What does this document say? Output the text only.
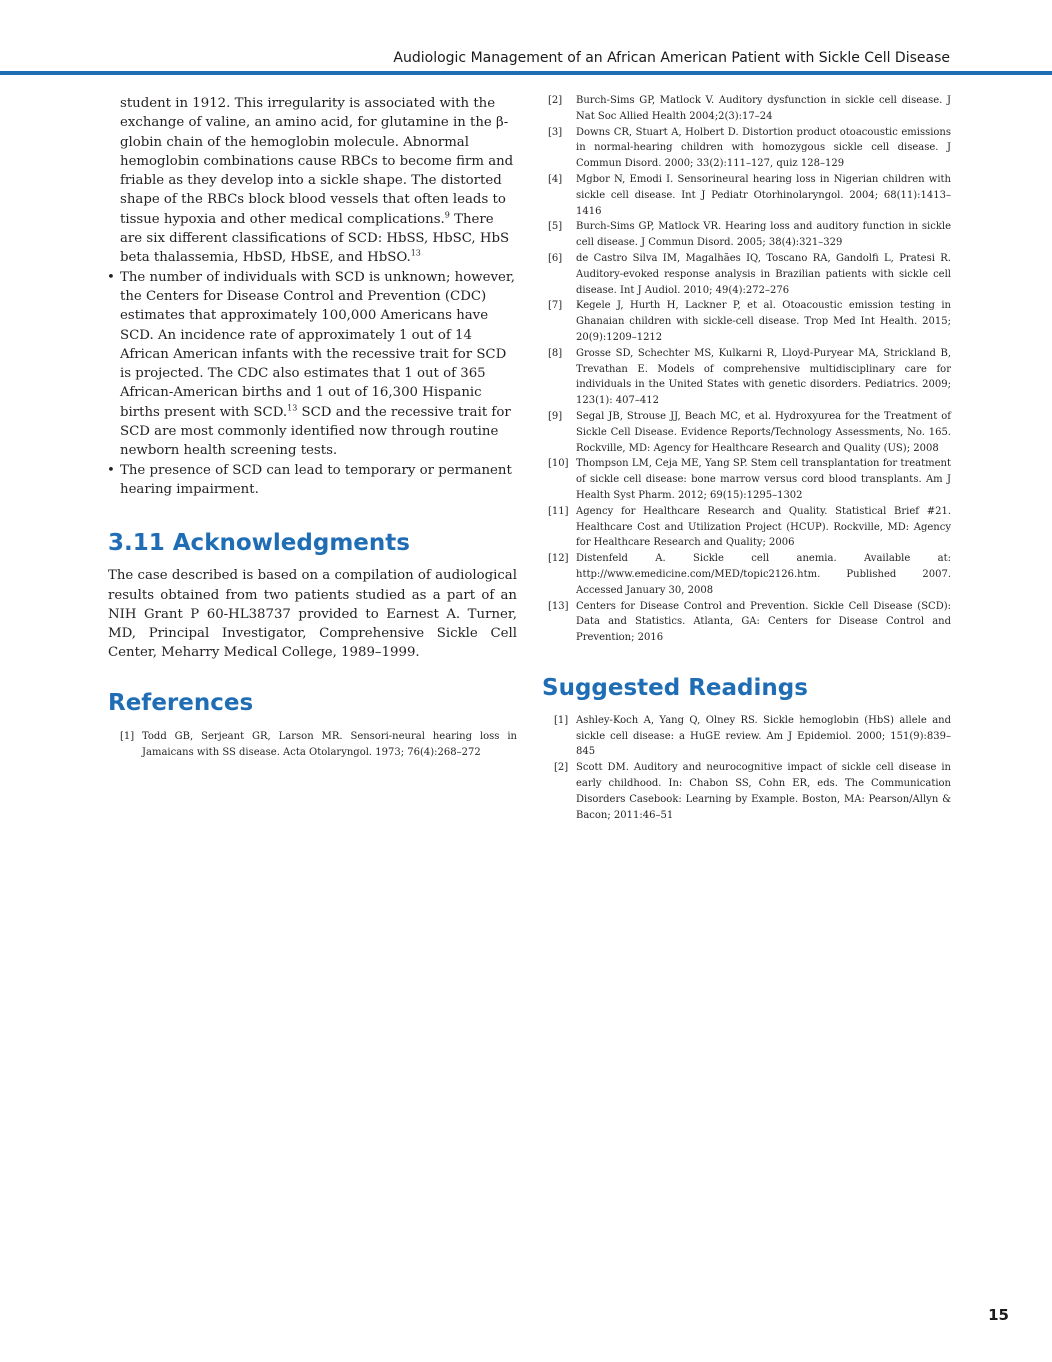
Audiologic Management of an African American Patient with Sickle Cell Disease

student in 1912. This irregularity is associated with the exchange of valine, an amino acid, for glutamine in the β-globin chain of the hemoglobin molecule. Abnormal hemoglobin combinations cause RBCs to become firm and friable as they develop into a sickle shape. The distorted shape of the RBCs block blood vessels that often leads to tissue hypoxia and other medical complications.$^9$ There are six different classifications of SCD: HbSS, HbSC, HbS beta thalassemia, HbSD, HbSE, and HbSO.$^{13}$

• The number of individuals with SCD is unknown; however, the Centers for Disease Control and Prevention (CDC) estimates that approximately 100,000 Americans have SCD. An incidence rate of approximately 1 out of 14 African American infants with the recessive trait for SCD is projected. The CDC also estimates that 1 out of 365 African-American births and 1 out of 16,300 Hispanic births present with SCD.$^{13}$ SCD and the recessive trait for SCD are most commonly identified now through routine newborn health screening tests.
• The presence of SCD can lead to temporary or permanent hearing impairment.
3.11 Acknowledgments

The case described is based on a compilation of audiological results obtained from two patients studied as a part of an NIH Grant P 60-HL38737 provided to Earnest A. Turner, MD, Principal Investigator, Comprehensive Sickle Cell Center, Meharry Medical College, 1989–1999.

References
[1] Todd GB, Serjeant GR, Larson MR. Sensori-neural hearing loss in Jamaicans with SS disease. Acta Otolaryngol. 1973; 76(4):268–272
[2] Burch-Sims GP, Matlock V. Auditory dysfunction in sickle cell disease. J Nat Soc Allied Health 2004;2(3):17–24
[3] Downs CR, Stuart A, Holbert D. Distortion product otoacoustic emissions in normal-hearing children with homozygous sickle cell disease. J Commun Disord. 2000; 33(2):111–127, quiz 128–129
[4] Mgbor N, Emodi I. Sensorineural hearing loss in Nigerian children with sickle cell disease. Int J Pediatr Otorhinolaryngol. 2004; 68(11):1413–1416
[5] Burch-Sims GP, Matlock VR. Hearing loss and auditory function in sickle cell disease. J Commun Disord. 2005; 38(4):321–329
[6] de Castro Silva IM, Magalhães IQ, Toscano RA, Gandolfi L, Pratesi R. Auditory-evoked response analysis in Brazilian patients with sickle cell disease. Int J Audiol. 2010; 49(4):272–276
[7] Kegele J, Hurth H, Lackner P, et al. Otoacoustic emission testing in Ghanaian children with sickle-cell disease. Trop Med Int Health. 2015; 20(9):1209–1212
[8] Grosse SD, Schechter MS, Kulkarni R, Lloyd-Puryear MA, Strickland B, Trevathan E. Models of comprehensive multidisciplinary care for individuals in the United States with genetic disorders. Pediatrics. 2009; 123(1): 407–412
[9] Segal JB, Strouse JJ, Beach MC, et al. Hydroxyurea for the Treatment of Sickle Cell Disease. Evidence Reports/Technology Assessments, No. 165. Rockville, MD: Agency for Healthcare Research and Quality (US); 2008
[10] Thompson LM, Ceja ME, Yang SP. Stem cell transplantation for treatment of sickle cell disease: bone marrow versus cord blood transplants. Am J Health Syst Pharm. 2012; 69(15):1295–1302
[11] Agency for Healthcare Research and Quality. Statistical Brief #21. Healthcare Cost and Utilization Project (HCUP). Rockville, MD: Agency for Healthcare Research and Quality; 2006
[12] Distenfeld A. Sickle cell anemia. Available at: http://www.emedicine.com/MED/topic2126.htm. Published 2007. Accessed January 30, 2008
[13] Centers for Disease Control and Prevention. Sickle Cell Disease (SCD): Data and Statistics. Atlanta, GA: Centers for Disease Control and Prevention; 2016
Suggested Readings
[1] Ashley-Koch A, Yang Q, Olney RS. Sickle hemoglobin (HbS) allele and sickle cell disease: a HuGE review. Am J Epidemiol. 2000; 151(9):839–845
[2] Scott DM. Auditory and neurocognitive impact of sickle cell disease in early childhood. In: Chabon SS, Cohn ER, eds. The Communication Disorders Casebook: Learning by Example. Boston, MA: Pearson/Allyn & Bacon; 2011:46–51
15
